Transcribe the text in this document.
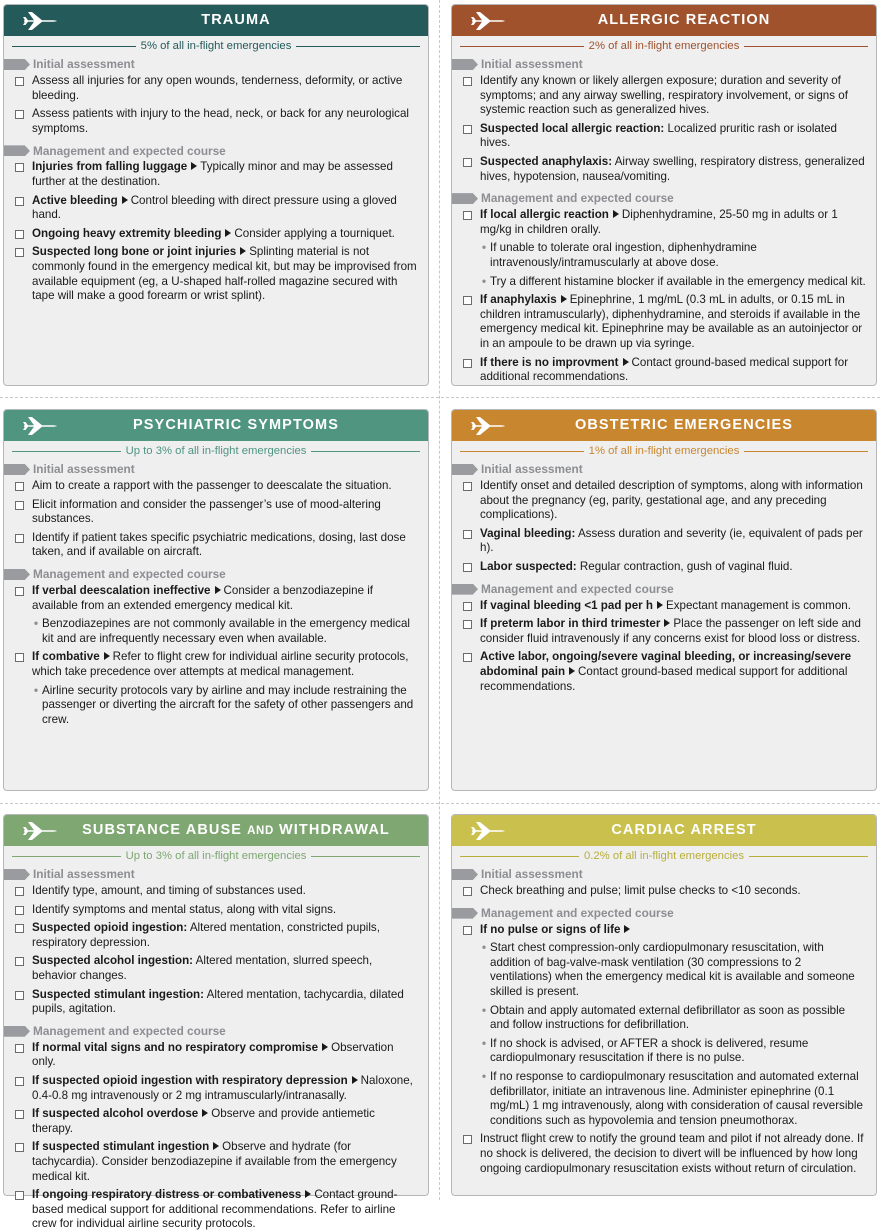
TRAUMA
5% of all in-flight emergencies
Initial assessment
Assess all injuries for any open wounds, tenderness, deformity, or active bleeding.
Assess patients with injury to the head, neck, or back for any neurological symptoms.
Management and expected course
Injuries from falling luggage Typically minor and may be assessed further at the destination.
Active bleeding Control bleeding with direct pressure using a gloved hand.
Ongoing heavy extremity bleeding Consider applying a tourniquet.
Suspected long bone or joint injuries Splinting material is not commonly found in the emergency medical kit, but may be improvised from available equipment (eg, a U-shaped half-rolled magazine secured with tape will make a good forearm or wrist splint).
ALLERGIC REACTION
2% of all in-flight emergencies
Initial assessment
Identify any known or likely allergen exposure; duration and severity of symptoms; and any airway swelling, respiratory involvement, or signs of systemic reaction such as generalized hives.
Suspected local allergic reaction: Localized pruritic rash or isolated hives.
Suspected anaphylaxis: Airway swelling, respiratory distress, generalized hives, hypotension, nausea/vomiting.
Management and expected course
If local allergic reaction Diphenhydramine, 25-50 mg in adults or 1 mg/kg in children orally.
• If unable to tolerate oral ingestion, diphenhydramine intravenously/intramuscularly at above dose.
• Try a different histamine blocker if available in the emergency medical kit.
If anaphylaxis Epinephrine, 1 mg/mL (0.3 mL in adults, or 0.15 mL in children intramuscularly), diphenhydramine, and steroids if available in the emergency medical kit. Epinephrine may be available as an autoinjector or in an ampoule to be drawn up via syringe.
If there is no improvment Contact ground-based medical support for additional recommendations.
PSYCHIATRIC SYMPTOMS
Up to 3% of all in-flight emergencies
Initial assessment
Aim to create a rapport with the passenger to deescalate the situation.
Elicit information and consider the passenger’s use of mood-altering substances.
Identify if patient takes specific psychiatric medications, dosing, last dose taken, and if available on aircraft.
Management and expected course
If verbal deescalation ineffective Consider a benzodiazepine if available from an extended emergency medical kit.
• Benzodiazepines are not commonly available in the emergency medical kit and are infrequently necessary even when available.
If combative Refer to flight crew for individual airline security protocols, which take precedence over attempts at medical management.
• Airline security protocols vary by airline and may include restraining the passenger or diverting the aircraft for the safety of other passengers and crew.
OBSTETRIC EMERGENCIES
1% of all in-flight emergencies
Initial assessment
Identify onset and detailed description of symptoms, along with information about the pregnancy (eg, parity, gestational age, and any preceding complications).
Vaginal bleeding: Assess duration and severity (ie, equivalent of pads per h).
Labor suspected: Regular contraction, gush of vaginal fluid.
Management and expected course
If vaginal bleeding <1 pad per h Expectant management is common.
If preterm labor in third trimester Place the passenger on left side and consider fluid intravenously if any concerns exist for blood loss or distress.
Active labor, ongoing/severe vaginal bleeding, or increasing/severe abdominal pain Contact ground-based medical support for additional recommendations.
SUBSTANCE ABUSE AND WITHDRAWAL
Up to 3% of all in-flight emergencies
Initial assessment
Identify type, amount, and timing of substances used.
Identify symptoms and mental status, along with vital signs.
Suspected opioid ingestion: Altered mentation, constricted pupils, respiratory depression.
Suspected alcohol ingestion: Altered mentation, slurred speech, behavior changes.
Suspected stimulant ingestion: Altered mentation, tachycardia, dilated pupils, agitation.
Management and expected course
If normal vital signs and no respiratory compromise Observation only.
If suspected opioid ingestion with respiratory depression Naloxone, 0.4-0.8 mg intravenously or 2 mg intramuscularly/intranasally.
If suspected alcohol overdose Observe and provide antiemetic therapy.
If suspected stimulant ingestion Observe and hydrate (for tachycardia). Consider benzodiazepine if available from the emergency medical kit.
If ongoing respiratory distress or combativeness Contact ground-based medical support for additional recommendations. Refer to airline crew for individual airline security protocols.
CARDIAC ARREST
0.2% of all in-flight emergencies
Initial assessment
Check breathing and pulse; limit pulse checks to <10 seconds.
Management and expected course
If no pulse or signs of life
• Start chest compression-only cardiopulmonary resuscitation, with addition of bag-valve-mask ventilation (30 compressions to 2 ventilations) when the emergency medical kit is available and someone skilled is present.
• Obtain and apply automated external defibrillator as soon as possible and follow instructions for defibrillation.
• If no shock is advised, or AFTER a shock is delivered, resume cardiopulmonary resuscitation if there is no pulse.
• If no response to cardiopulmonary resuscitation and automated external defibrillator, initiate an intravenous line. Administer epinephrine (0.1 mg/mL) 1 mg intravenously, along with consideration of causal reversible conditions such as hypovolemia and tension pneumothorax.
Instruct flight crew to notify the ground team and pilot if not already done. If no shock is delivered, the decision to divert will be influenced by how long ongoing cardiopulmonary resuscitation exists without return of circulation.
